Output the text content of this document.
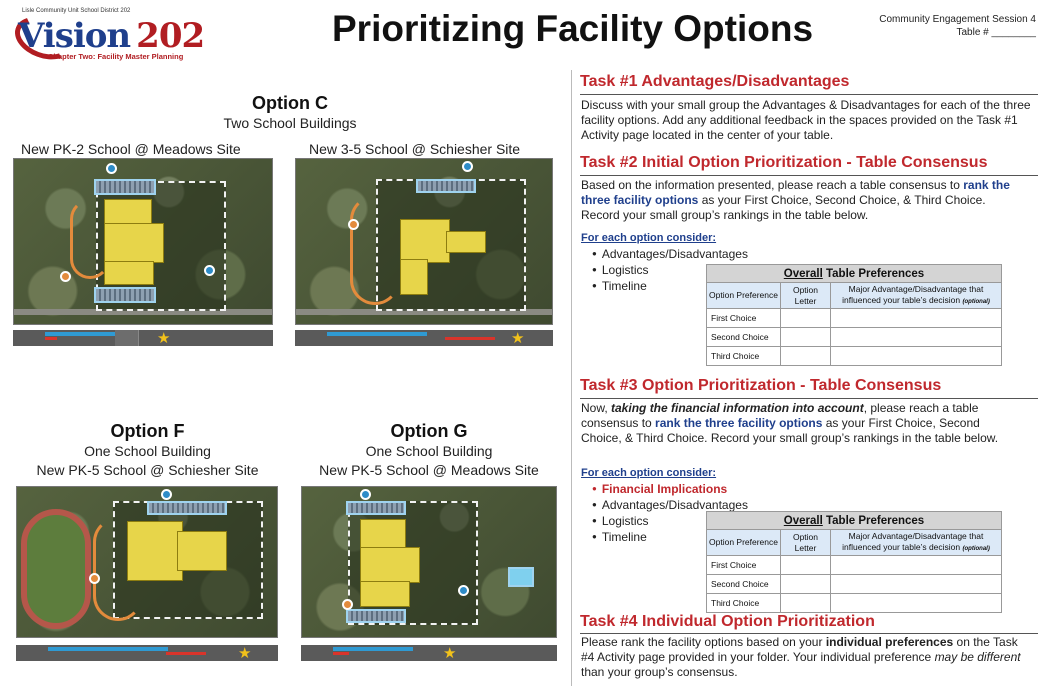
Lisle Community Unit School District 202
Vision 202
Chapter Two: Facility Master Planning
Prioritizing Facility Options	Community Engagement Session 4
Table # ________
Option C
Two School Buildings
New PK-2 School @ Meadows Site	New 3-5 School @ Schiesher Site
★	★
Option F
One School Building
New PK-5 School @ Schiesher Site
Option G
One School Building
New PK-5 School @ Meadows Site
★	★
Task #1 Advantages/Disadvantages
Discuss with your small group the Advantages & Disadvantages for each of the three facility options. Add any additional feedback in the spaces provided on the Task #1 Activity page located in the center of your table.
Task #2 Initial Option Prioritization - Table Consensus
Based on the information presented, please reach a table consensus to rank the three facility options as your First Choice, Second Choice, & Third Choice. Record your small group’s rankings in the table below.
For each option consider:
● Advantages/Disadvantages
● Logistics
● Timeline
Overall Table Preferences		
Option Preference	Option Letter	Major Advantage/Disadvantage that influenced your table’s decision (optional)
First Choice		
Second Choice		
Third Choice		
Task #3 Option Prioritization - Table Consensus
Now, taking the financial information into account, please reach a table consensus to rank the three facility options as your First Choice, Second Choice, & Third Choice. Record your small group’s rankings in the table below.
For each option consider:
● Financial Implications
● Advantages/Disadvantages
● Logistics
● Timeline
Overall Table Preferences		
Option Preference	Option Letter	Major Advantage/Disadvantage that influenced your table’s decision (optional)
First Choice		
Second Choice		
Third Choice		
Task #4 Individual Option Prioritization
Please rank the facility options based on your individual preferences on the Task #4 Activity page provided in your folder. Your individual preference may be different than your group’s consensus.
